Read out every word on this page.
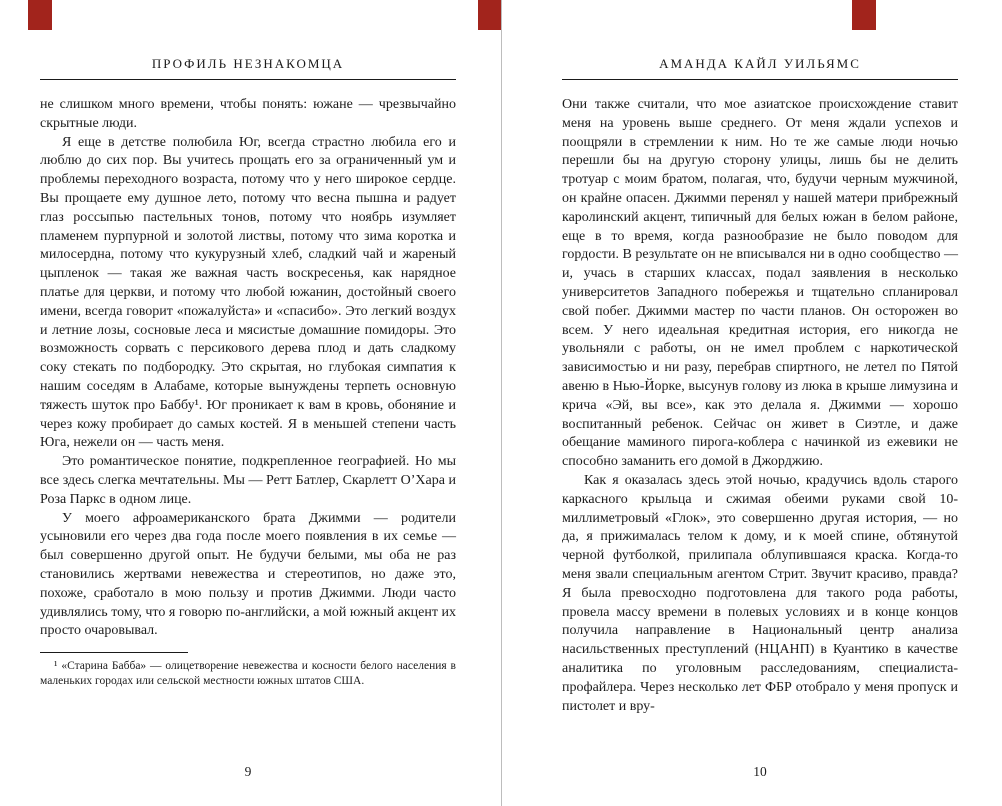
ПРОФИЛЬ НЕЗНАКОМЦА

не слишком много времени, чтобы понять: южане — чрезвычайно скрытные люди.

Я еще в детстве полюбила Юг, всегда страстно любила его и люблю до сих пор. Вы учитесь прощать его за ограниченный ум и проблемы переходного возраста, потому что у него широкое сердце. Вы прощаете ему душное лето, потому что весна пышна и радует глаз россыпью пастельных тонов, потому что ноябрь изумляет пламенем пурпурной и золотой листвы, потому что зима коротка и милосердна, потому что кукурузный хлеб, сладкий чай и жареный цыпленок — такая же важная часть воскресенья, как нарядное платье для церкви, и потому что любой южанин, достойный своего имени, всегда говорит «пожалуйста» и «спасибо». Это легкий воздух и летние лозы, сосновые леса и мясистые домашние помидоры. Это возможность сорвать с персикового дерева плод и дать сладкому соку стекать по подбородку. Это скрытая, но глубокая симпатия к нашим соседям в Алабаме, которые вынуждены терпеть основную тяжесть шуток про Баббу¹. Юг проникает к вам в кровь, обоняние и через кожу пробирает до самых костей. Я в меньшей степени часть Юга, нежели он — часть меня.

Это романтическое понятие, подкрепленное географией. Но мы все здесь слегка мечтательны. Мы — Ретт Батлер, Скарлетт О’Хара и Роза Паркс в одном лице.

У моего афроамериканского брата Джимми — родители усыновили его через два года после моего появления в их семье — был совершенно другой опыт. Не будучи белыми, мы оба не раз становились жертвами невежества и стереотипов, но даже это, похоже, сработало в мою пользу и против Джимми. Люди часто удивлялись тому, что я говорю по-английски, а мой южный акцент их просто очаровывал.

¹ «Старина Бабба» — олицетворение невежества и косности белого населения в маленьких городах или сельской местности южных штатов США.

9
АМАНДА КАЙЛ УИЛЬЯМС

Они также считали, что мое азиатское происхождение ставит меня на уровень выше среднего. От меня ждали успехов и поощряли в стремлении к ним. Но те же самые люди ночью перешли бы на другую сторону улицы, лишь бы не делить тротуар с моим братом, полагая, что, будучи черным мужчиной, он крайне опасен. Джимми перенял у нашей матери прибрежный каролинский акцент, типичный для белых южан в белом районе, еще в то время, когда разнообразие не было поводом для гордости. В результате он не вписывался ни в одно сообщество — и, учась в старших классах, подал заявления в несколько университетов Западного побережья и тщательно спланировал свой побег. Джимми мастер по части планов. Он осторожен во всем. У него идеальная кредитная история, его никогда не увольняли с работы, он не имел проблем с наркотической зависимостью и ни разу, перебрав спиртного, не летел по Пятой авеню в Нью-Йорке, высунув голову из люка в крыше лимузина и крича «Эй, вы все», как это делала я. Джимми — хорошо воспитанный ребенок. Сейчас он живет в Сиэтле, и даже обещание маминого пирога-коблера с начинкой из ежевики не способно заманить его домой в Джорджию.

Как я оказалась здесь этой ночью, крадучись вдоль старого каркасного крыльца и сжимая обеими руками свой 10-миллиметровый «Глок», это совершенно другая история, — но да, я прижималась телом к дому, и к моей спине, обтянутой черной футболкой, прилипала облупившаяся краска. Когда-то меня звали специальным агентом Стрит. Звучит красиво, правда? Я была превосходно подготовлена для такого рода работы, провела массу времени в полевых условиях и в конце концов получила направление в Национальный центр анализа насильственных преступлений (НЦАНП) в Куантико в качестве аналитика по уголовным расследованиям, специалиста-профайлера. Через несколько лет ФБР отобрало у меня пропуск и пистолет и вру-

10
